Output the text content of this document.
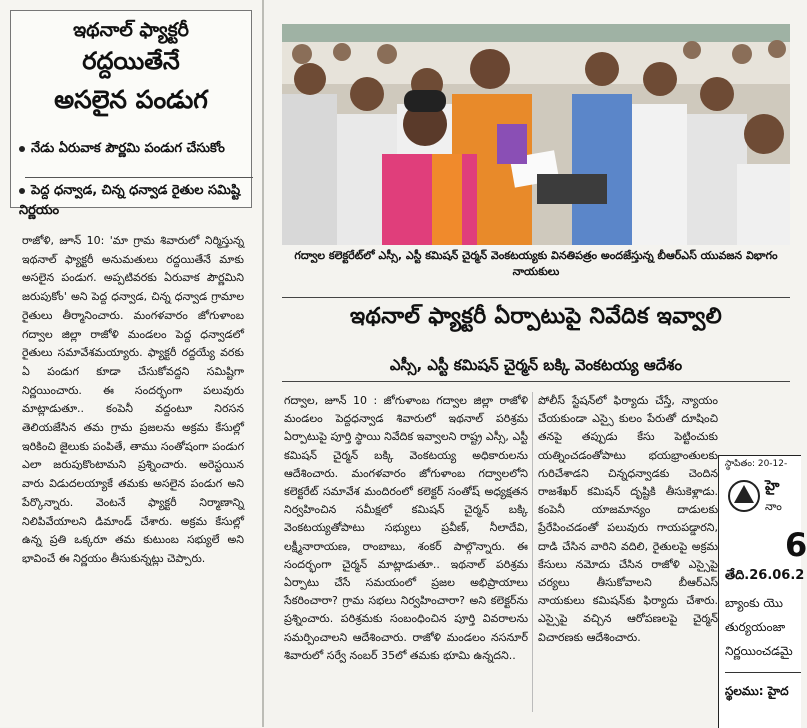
ఇథనాల్ ఫ్యాక్టరీ
రద్దయితేనే
అసలైన పండుగ
నేడు ఏరువాక పౌర్ణమి పండుగ చేసుకోం
పెద్ద ధన్వాడ, చిన్న ధన్వాడ రైతుల సమిష్టి నిర్ణయం

రాజోళి, జూన్ 10: 'మా గ్రామ శివారులో నిర్మిస్తున్న ఇథనాల్ ఫ్యాక్టరీ అనుమతులు రద్దయితేనే మాకు అసలైన పండుగ. అప్పటివరకు ఏరువాక పౌర్ణమిని జరుపుకోం' అని పెద్ద ధన్వాడ, చిన్న ధన్వాడ గ్రామాల రైతులు తీర్మానించారు. మంగళవారం జోగుళాంబ గద్వాల జిల్లా రాజోళి మండలం పెద్ద ధన్వాడలో రైతులు సమావేశమయ్యారు. ఫ్యాక్టరీ రద్దయ్యే వరకు ఏ పండుగ కూడా చేసుకోవద్దని సమిష్టిగా నిర్ణయించారు. ఈ సందర్భంగా పలువురు మాట్లాడుతూ.. కంపెనీ వద్దంటూ నిరసన తెలియజేసిన తమ గ్రామ ప్రజలను అక్రమ కేసుల్లో ఇరికించి జైలుకు పంపితే, తాము సంతోషంగా పండుగ ఎలా జరుపుకొంటామని ప్రశ్నించారు. అరెస్టయిన వారు విడుదలయ్యాకే తమకు అసలైన పండుగ అని పేర్కొన్నారు. వెంటనే ఫ్యాక్టరీ నిర్మాణాన్ని నిలిపివేయాలని డిమాండ్ చేశారు. అక్రమ కేసుల్లో ఉన్న ప్రతి ఒక్కరూ తమ కుటుంబ సభ్యులే అని భావించే ఈ నిర్ణయం తీసుకున్నట్లు చెప్పారు.

గద్వాల కలెక్టరేట్‌లో ఎస్సీ, ఎస్టీ కమిషన్ చైర్మన్ వెంకటయ్యకు వినతిపత్రం అందజేస్తున్న బీఆర్ఎస్ యువజన విభాగం నాయకులు
ఇథనాల్ ఫ్యాక్టరీ ఏర్పాటుపై నివేదిక ఇవ్వాలి
ఎస్సీ, ఎస్టీ కమిషన్ చైర్మన్ బక్కి వెంకటయ్య ఆదేశం
గద్వాల, జూన్ 10 : జోగుళాంబ గద్వాల జిల్లా రాజోళి మండలం పెద్దధన్వాడ శివారులో ఇథనాల్ పరిశ్రమ ఏర్పాటుపై పూర్తి స్థాయి నివేదిక ఇవ్వాలని రాష్ట్ర ఎస్సీ, ఎస్టీ కమిషన్ చైర్మన్ బక్కి వెంకటయ్య అధికారులను ఆదేశించారు. మంగళవారం జోగుళాంబ గద్వాలలోని కలెక్టరేట్ సమావేశ మందిరంలో కలెక్టర్ సంతోష్ అధ్యక్షతన నిర్వహించిన సమీక్షలో కమిషన్ చైర్మన్ బక్కి వెంకటయ్యతోపాటు సభ్యులు ప్రవీణ్, నీలాదేవి, లక్ష్మీనారాయణ, రాంబాబు, శంకర్ పాల్గొన్నారు. ఈ సందర్భంగా చైర్మన్ మాట్లాడుతూ.. ఇథనాల్ పరిశ్రమ ఏర్పాటు చేసే సమయంలో ప్రజల అభిప్రాయాలు సేకరించారా? గ్రామ సభలు నిర్వహించారా? అని కలెక్టర్‌ను ప్రశ్నించారు. పరిశ్రమకు సంబంధించిన పూర్తి వివరాలను సమర్పించాలని ఆదేశించారు. రాజోళి మండలం నసనూర్ శివారులో సర్వే నంబర్ 35లో తమకు భూమి ఉన్నదని..
పోలీస్ స్టేషన్‌లో ఫిర్యాదు చేస్తే, న్యాయం చేయకుండా ఎస్సై కులం పేరుతో దూషించి తనపై తప్పుడు కేసు పెట్టించుకు యత్నించడంతోపాటు భయభ్రాంతులకు గురిచేశాడని చిన్నధన్వాడకు చెందిన రాజశేఖర్ కమిషన్ దృష్టికి తీసుకెళ్లాడు. కంపెనీ యాజమాన్యం దాడులకు ప్రేరేపించడంతో పలువురు గాయపడ్డారని, దాడి చేసిన వారిని వదిలి, రైతులపై అక్రమ కేసులు నమోదు చేసిన రాజోళి ఎస్సైపై చర్యలు తీసుకోవాలని బీఆర్ఎస్ నాయకులు కమిషన్‌కు ఫిర్యాదు చేశారు. ఎస్సైపై వచ్చిన ఆరోపణలపై చైర్మన్ విచారణకు ఆదేశించారు.
స్థాపితం: 20-12-
హై
నాం
6
తేది.26.06.2
బ్యాంకు యొ
తుర్యయంజా
నిర్ణయించడమై
స్థలము: హైద
